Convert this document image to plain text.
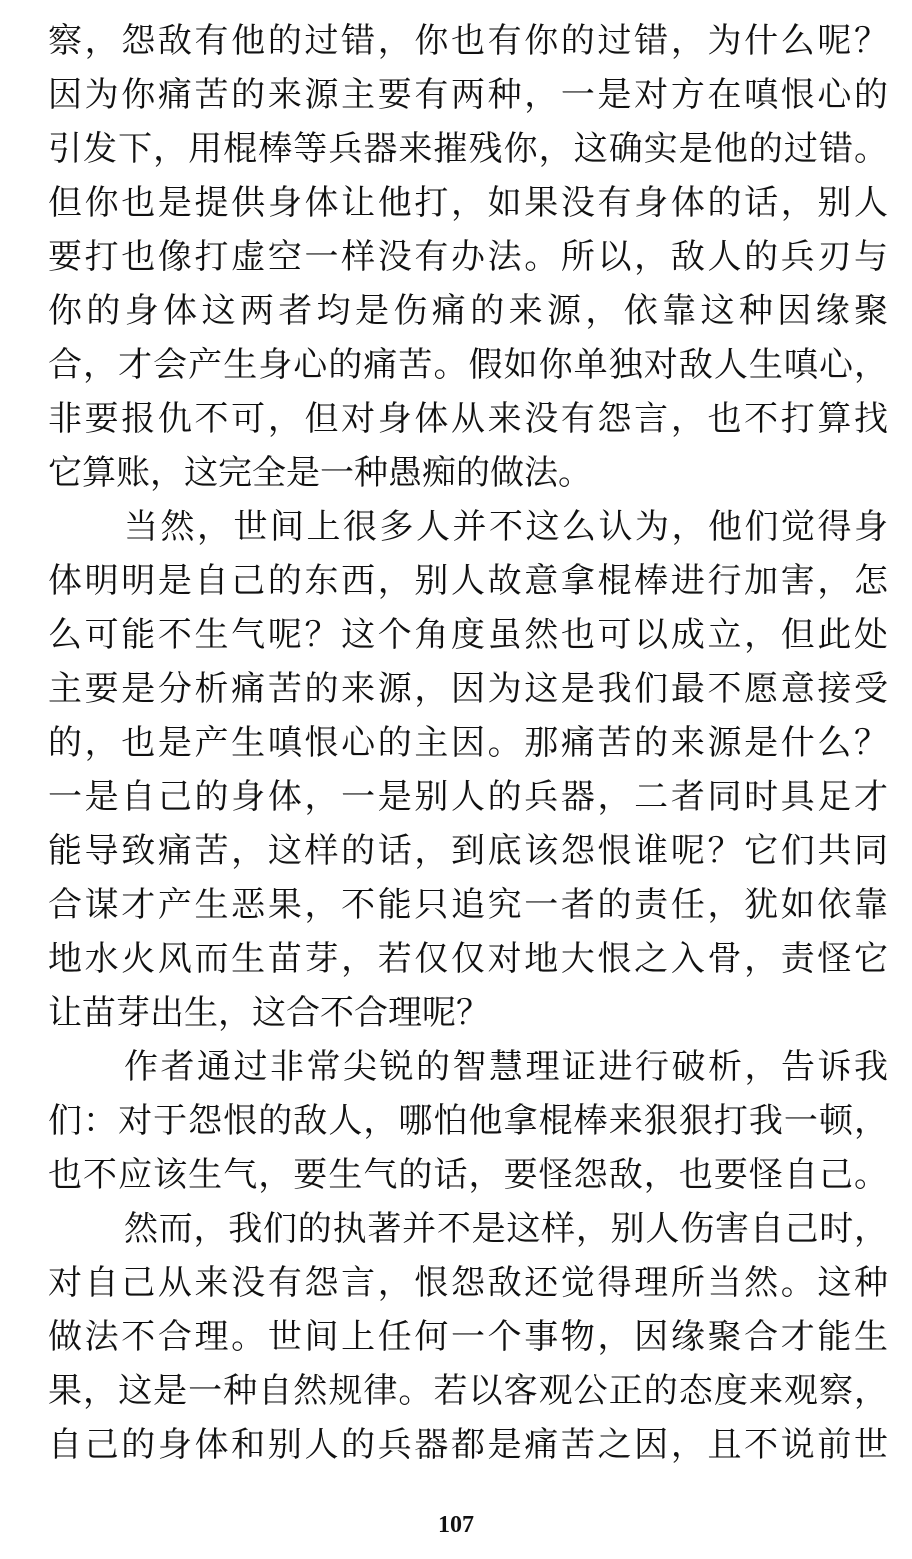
察，怨敌有他的过错，你也有你的过错，为什么呢？
因为你痛苦的来源主要有两种，一是对方在嗔恨心的
引发下，用棍棒等兵器来摧残你，这确实是他的过错。
但你也是提供身体让他打，如果没有身体的话，别人
要打也像打虚空一样没有办法。所以，敌人的兵刃与
你的身体这两者均是伤痛的来源，依靠这种因缘聚
合，才会产生身心的痛苦。假如你单独对敌人生嗔心，
非要报仇不可，但对身体从来没有怨言，也不打算找
它算账，这完全是一种愚痴的做法。
当然，世间上很多人并不这么认为，他们觉得身
体明明是自己的东西，别人故意拿棍棒进行加害，怎
么可能不生气呢？这个角度虽然也可以成立，但此处
主要是分析痛苦的来源，因为这是我们最不愿意接受
的，也是产生嗔恨心的主因。那痛苦的来源是什么？
一是自己的身体，一是别人的兵器，二者同时具足才
能导致痛苦，这样的话，到底该怨恨谁呢？它们共同
合谋才产生恶果，不能只追究一者的责任，犹如依靠
地水火风而生苗芽，若仅仅对地大恨之入骨，责怪它
让苗芽出生，这合不合理呢？
作者通过非常尖锐的智慧理证进行破析，告诉我
们：对于怨恨的敌人，哪怕他拿棍棒来狠狠打我一顿，
也不应该生气，要生气的话，要怪怨敌，也要怪自己。
然而，我们的执著并不是这样，别人伤害自己时，
对自己从来没有怨言，恨怨敌还觉得理所当然。这种
做法不合理。世间上任何一个事物，因缘聚合才能生
果，这是一种自然规律。若以客观公正的态度来观察，
自己的身体和别人的兵器都是痛苦之因，且不说前世
107
